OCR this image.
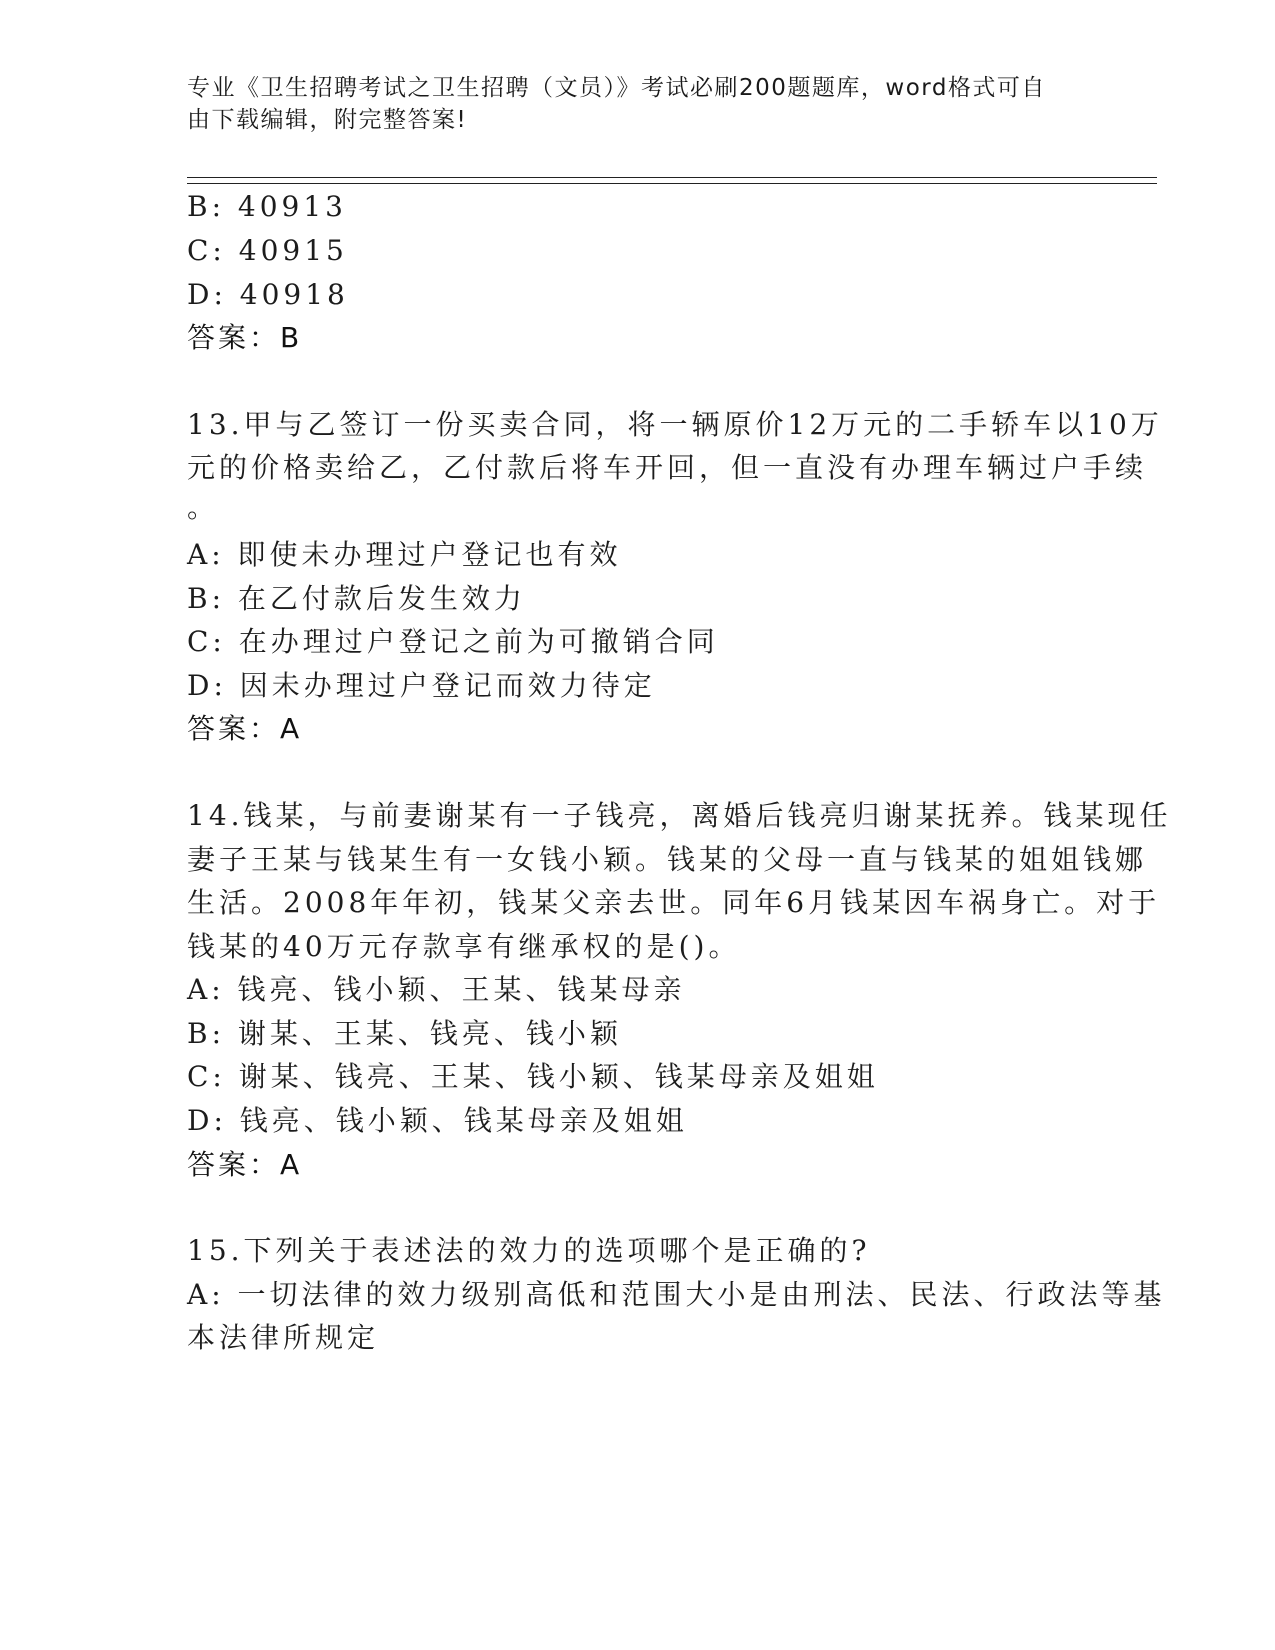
专业《卫生招聘考试之卫生招聘（文员）》考试必刷200题题库，word格式可自
由下载编辑，附完整答案!
B: 40913
C: 40915
D: 40918
答案：B
13.甲与乙签订一份买卖合同，将一辆原价12万元的二手轿车以10万
元的价格卖给乙，乙付款后将车开回，但一直没有办理车辆过户手续
。
A: 即使未办理过户登记也有效
B: 在乙付款后发生效力
C: 在办理过户登记之前为可撤销合同
D: 因未办理过户登记而效力待定
答案：A
14.钱某，与前妻谢某有一子钱亮，离婚后钱亮归谢某抚养。钱某现任
妻子王某与钱某生有一女钱小颖。钱某的父母一直与钱某的姐姐钱娜
生活。2008年年初，钱某父亲去世。同年6月钱某因车祸身亡。对于
钱某的40万元存款享有继承权的是()。
A: 钱亮、钱小颖、王某、钱某母亲
B: 谢某、王某、钱亮、钱小颖
C: 谢某、钱亮、王某、钱小颖、钱某母亲及姐姐
D: 钱亮、钱小颖、钱某母亲及姐姐
答案：A
15.下列关于表述法的效力的选项哪个是正确的?
A: 一切法律的效力级别高低和范围大小是由刑法、民法、行政法等基
本法律所规定
